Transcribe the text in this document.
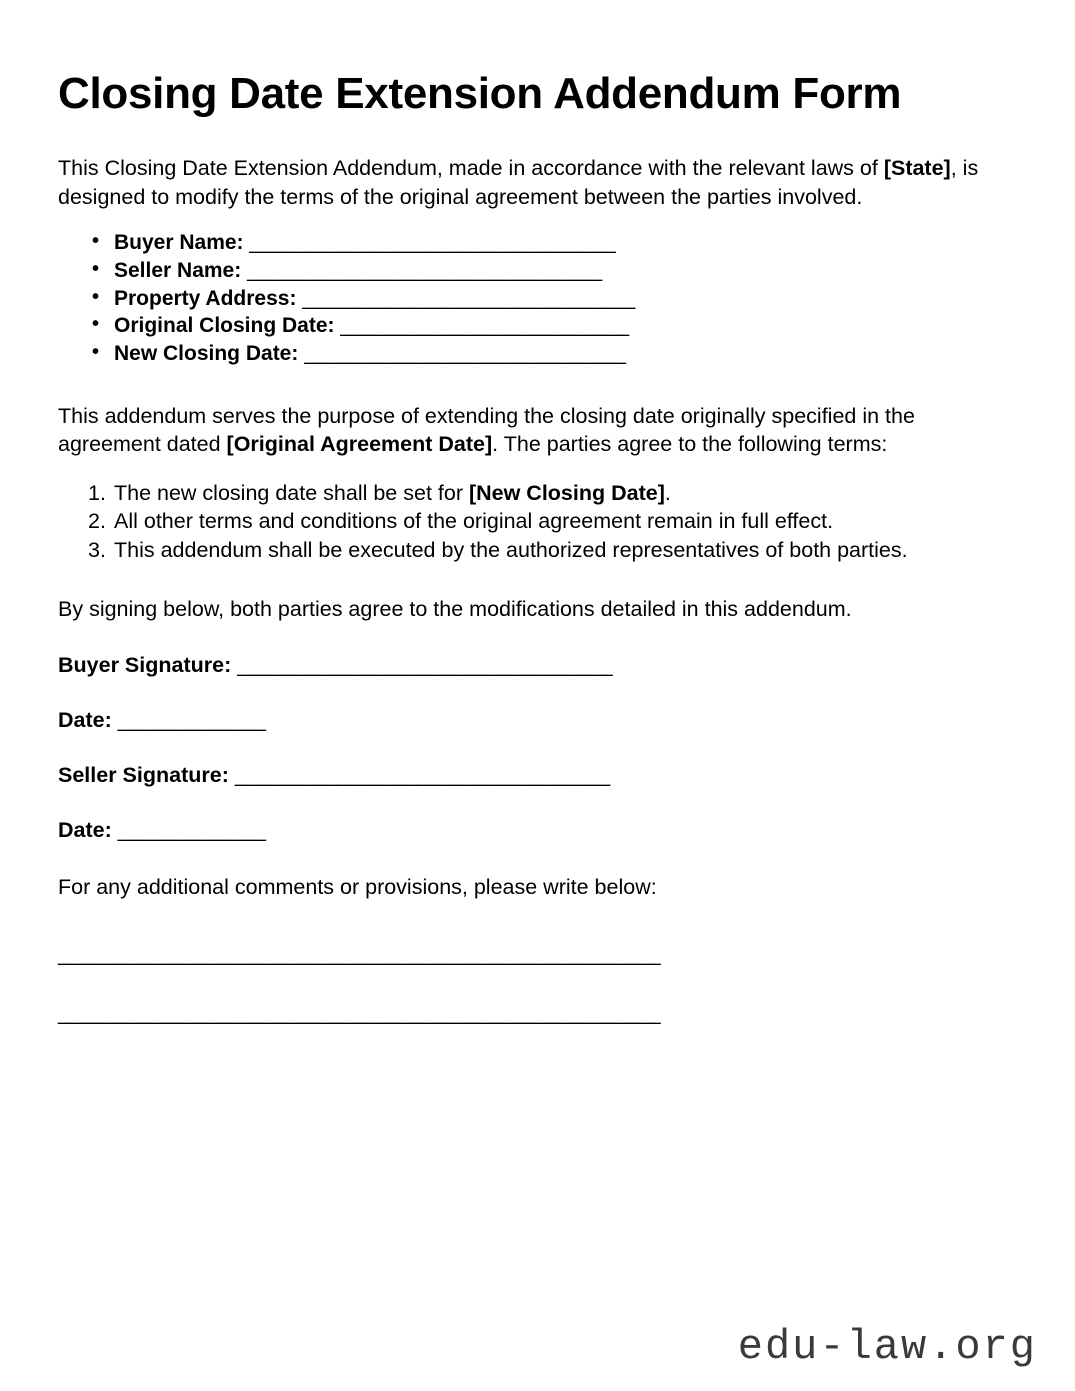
Closing Date Extension Addendum Form

This Closing Date Extension Addendum, made in accordance with the relevant laws of [State], is designed to modify the terms of the original agreement between the parties involved.

• Buyer Name: _________________________________
• Seller Name: ________________________________
• Property Address: ______________________________
• Original Closing Date: __________________________
• New Closing Date: _____________________________

This addendum serves the purpose of extending the closing date originally specified in the agreement dated [Original Agreement Date]. The parties agree to the following terms:

The new closing date shall be set for [New Closing Date].
All other terms and conditions of the original agreement remain in full effect.
This addendum shall be executed by the authorized representatives of both parties.

By signing below, both parties agree to the modifications detailed in this addendum.

Buyer Signature: _________________________________
Date: _____________
Seller Signature: _________________________________
Date: _____________

For any additional comments or provisions, please write below:

_____________________________________________________
_____________________________________________________
edu-law.org
